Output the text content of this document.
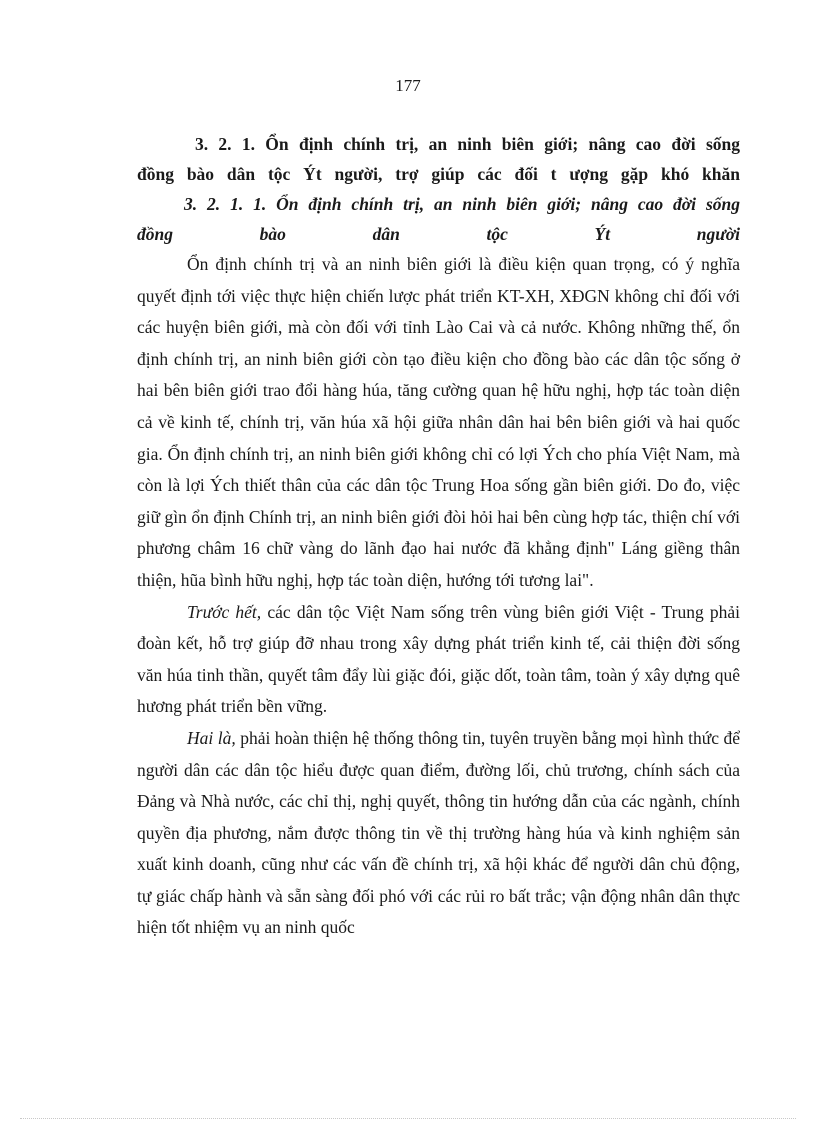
177
3. 2. 1. Ổn định chính trị, an ninh biên giới; nâng cao đời sống
đồng bào dân tộc Ýt người, trợ giúp các đối t ượng gặp khó khăn
3. 2. 1. 1. Ổn định chính trị, an ninh biên giới; nâng cao đời sống
đồng bào dân tộc Ýt người

Ổn định chính trị và an ninh biên giới là điều kiện quan trọng, có ý nghĩa quyết định tới việc thực hiện chiến lược phát triển KT-XH, XĐGN không chỉ đối với các huyện biên giới, mà còn đối với tỉnh Lào Cai và cả nước. Không những thế, ổn định chính trị, an ninh biên giới còn tạo điều kiện cho đồng bào các dân tộc sống ở hai bên biên giới trao đổi hàng húa, tăng cường quan hệ hữu nghị, hợp tác toàn diện cả về kinh tế, chính trị, văn húa xã hội giữa nhân dân hai bên biên giới và hai quốc gia. Ổn định chính trị, an ninh biên giới không chỉ có lợi Ých cho phía Việt Nam, mà còn là lợi Ých thiết thân của các dân tộc Trung Hoa sống gần biên giới. Do đo, việc giữ gìn ổn định Chính trị, an ninh biên giới đòi hỏi hai bên cùng hợp tác, thiện chí với phương châm 16 chữ vàng do lãnh đạo hai nước đã khẳng định" Láng giềng thân thiện, hũa bình hữu nghị, hợp tác toàn diện, hướng tới tương lai".

Trước hết, các dân tộc Việt Nam sống trên vùng biên giới Việt - Trung phải đoàn kết, hỗ trợ giúp đỡ nhau trong xây dựng phát triển kinh tế, cải thiện đời sống văn húa tinh thần, quyết tâm đẩy lùi giặc đói, giặc dốt, toàn tâm, toàn ý xây dựng quê hương phát triển bền vững.

Hai là, phải hoàn thiện hệ thống thông tin, tuyên truyền bằng mọi hình thức để người dân các dân tộc hiểu được quan điểm, đường lối, chủ trương, chính sách của Đảng và Nhà nước, các chỉ thị, nghị quyết, thông tin hướng dẫn của các ngành, chính quyền địa phương, nắm được thông tin về thị trường hàng húa và kinh nghiệm sản xuất kinh doanh, cũng như các vấn đề chính trị, xã hội khác để người dân chủ động, tự giác chấp hành và sẵn sàng đối phó với các rủi ro bất trắc; vận động nhân dân thực hiện tốt nhiệm vụ an ninh quốc
